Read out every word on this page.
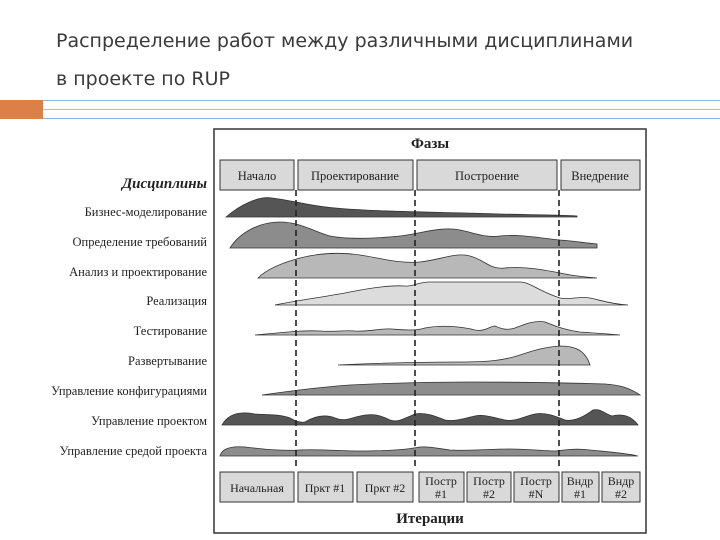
Распределение работ между различными дисциплинами
в проекте по RUP
Фазы
Дисциплины
Итерации
Начало	Проектирование	Построение	Внедрение
Бизнес-моделирование
Определение требований
Анализ и проектирование
Реализация
Тестирование
Развертывание
Управление конфигурациями
Управление проектом
Управление средой проекта
Начальная Пркт #1 Пркт #2 Постр
#1
Постр
#2
Постр
#N
Вндр
#1
Вндр
#2
